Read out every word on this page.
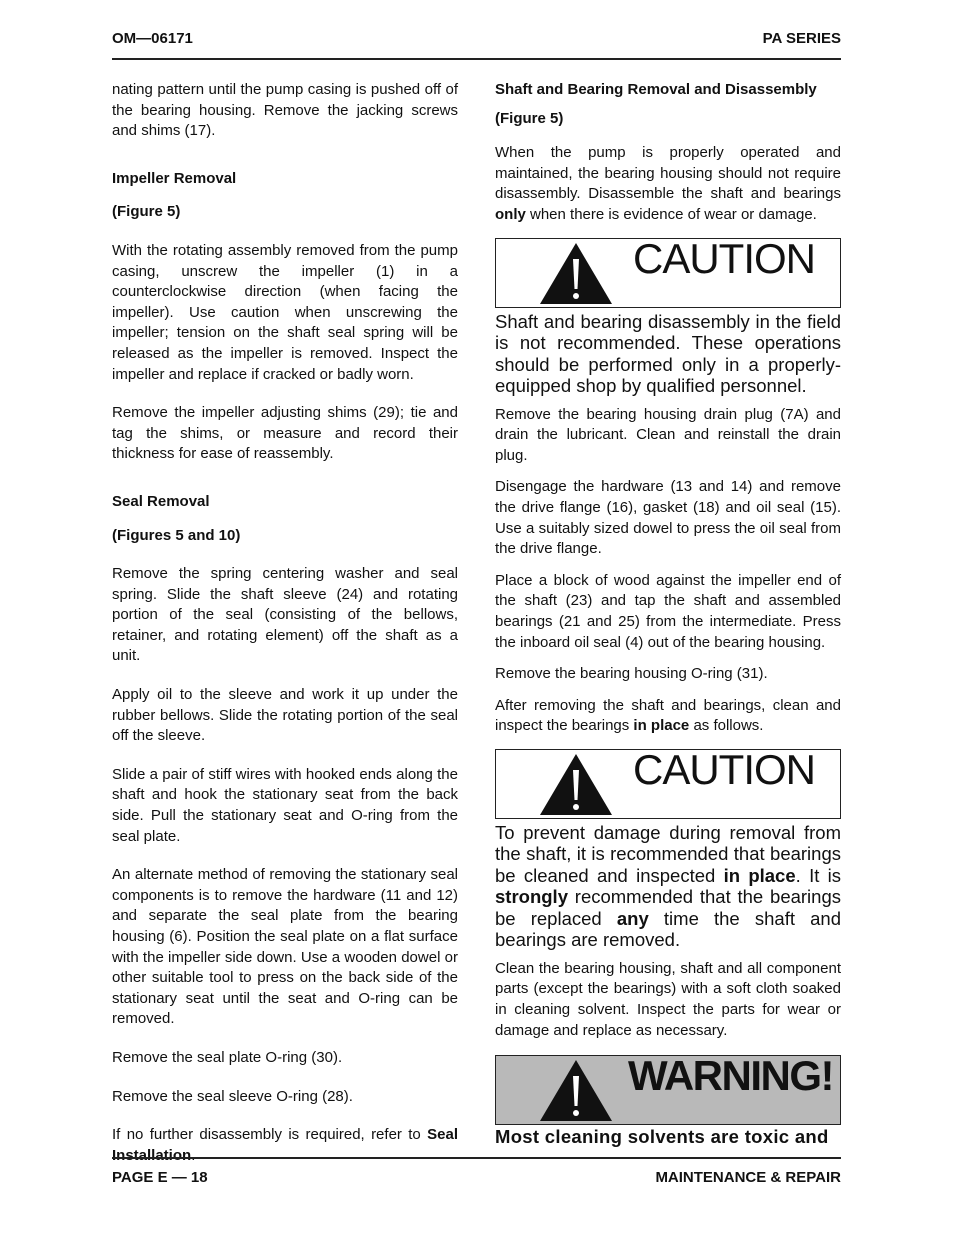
OM—06171	PA SERIES

nating pattern until the pump casing is pushed off of the bearing housing. Remove the jacking screws and shims (17).

Impeller Removal

(Figure 5)

With the rotating assembly removed from the pump casing, unscrew the impeller (1) in a counterclockwise direction (when facing the impeller). Use caution when unscrewing the impeller; tension on the shaft seal spring will be released as the impeller is removed. Inspect the impeller and replace if cracked or badly worn.

Remove the impeller adjusting shims (29); tie and tag the shims, or measure and record their thickness for ease of reassembly.

Seal Removal

(Figures 5 and 10)

Remove the spring centering washer and seal spring. Slide the shaft sleeve (24) and rotating portion of the seal (consisting of the bellows, retainer, and rotating element) off the shaft as a unit.

Apply oil to the sleeve and work it up under the rubber bellows. Slide the rotating portion of the seal off the sleeve.

Slide a pair of stiff wires with hooked ends along the shaft and hook the stationary seat from the back side. Pull the stationary seat and O-ring from the seal plate.

An alternate method of removing the stationary seal components is to remove the hardware (11 and 12) and separate the seal plate from the bearing housing (6). Position the seal plate on a flat surface with the impeller side down. Use a wooden dowel or other suitable tool to press on the back side of the stationary seat until the seat and O-ring can be removed.

Remove the seal plate O-ring (30).

Remove the seal sleeve O-ring (28).

If no further disassembly is required, refer to Seal Installation.

Shaft and Bearing Removal and Disassembly

(Figure 5)

When the pump is properly operated and maintained, the bearing housing should not require disassembly. Disassemble the shaft and bearings only when there is evidence of wear or damage.

CAUTION

Shaft and bearing disassembly in the field is not recommended. These operations should be performed only in a properly-equipped shop by qualified personnel.

Remove the bearing housing drain plug (7A) and drain the lubricant. Clean and reinstall the drain plug.

Disengage the hardware (13 and 14) and remove the drive flange (16), gasket (18) and oil seal (15). Use a suitably sized dowel to press the oil seal from the drive flange.

Place a block of wood against the impeller end of the shaft (23) and tap the shaft and assembled bearings (21 and 25) from the intermediate. Press the inboard oil seal (4) out of the bearing housing.

Remove the bearing housing O-ring (31).

After removing the shaft and bearings, clean and inspect the bearings in place as follows.

CAUTION

To prevent damage during removal from the shaft, it is recommended that bearings be cleaned and inspected in place. It is strongly recommended that the bearings be replaced any time the shaft and bearings are removed.

Clean the bearing housing, shaft and all component parts (except the bearings) with a soft cloth soaked in cleaning solvent. Inspect the parts for wear or damage and replace as necessary.

WARNING!

Most cleaning solvents are toxic and

PAGE E — 18	MAINTENANCE & REPAIR
